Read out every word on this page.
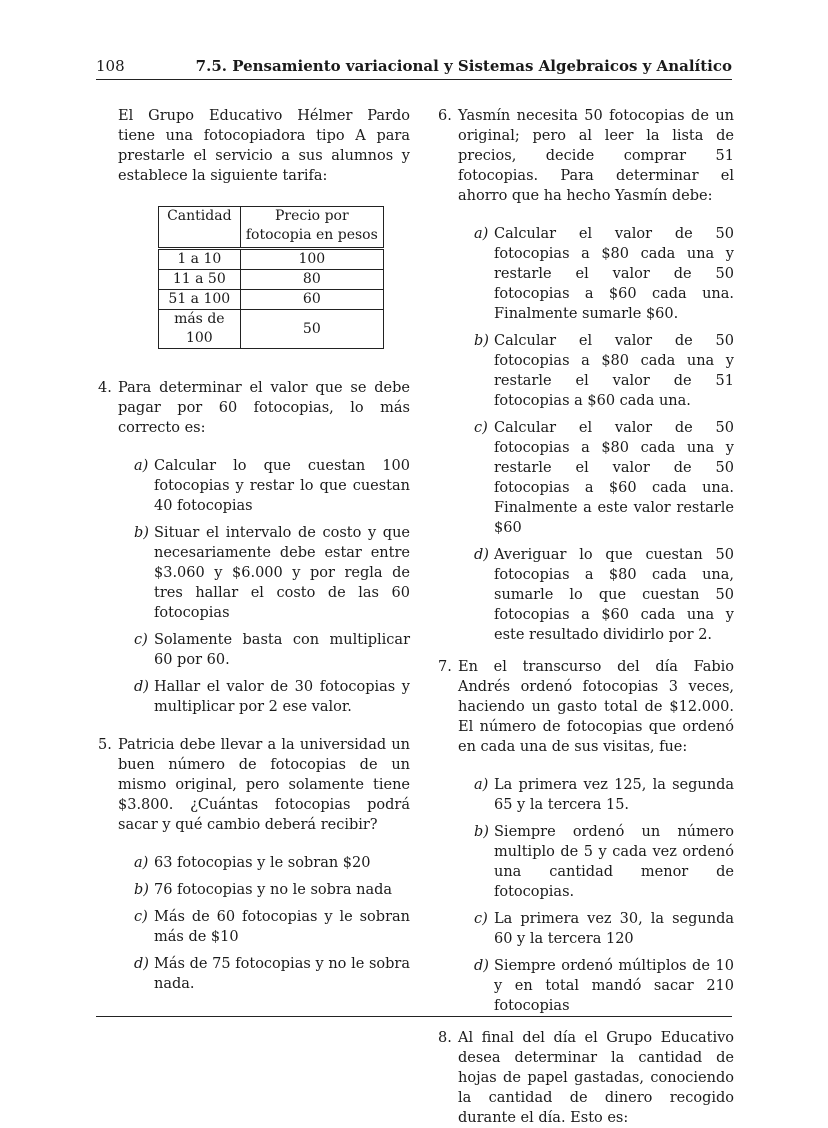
108	7.5. Pensamiento variacional y Sistemas Algebraicos y Analítico
El Grupo Educativo Hélmer Pardo tiene una fotocopiadora tipo A para prestarle el servicio a sus alumnos y establece la siguiente tarifa:
Cantidad	Precio por fotocopia en pesos
1 a 10	100
11 a 50	80
51 a 100	60
más de 100	50
4. Para determinar el valor que se debe pagar por 60 fotocopias, lo más correcto es:
a) Calcular lo que cuestan 100 fotocopias y restar lo que cuestan 40 fotocopias
b) Situar el intervalo de costo y que necesariamente debe estar entre $3.060 y $6.000 y por regla de tres hallar el costo de las 60 fotocopias
c) Solamente basta con multiplicar 60 por 60.
d) Hallar el valor de 30 fotocopias y multiplicar por 2 ese valor.
5. Patricia debe llevar a la universidad un buen número de fotocopias de un mismo original, pero solamente tiene $3.800. ¿Cuántas fotocopias podrá sacar y qué cambio deberá recibir?
a) 63 fotocopias y le sobran $20
b) 76 fotocopias y no le sobra nada
c) Más de 60 fotocopias y le sobran más de $10
d) Más de 75 fotocopias y no le sobra nada.
6. Yasmín necesita 50 fotocopias de un original; pero al leer la lista de precios, decide comprar 51 fotocopias. Para determinar el ahorro que ha hecho Yasmín debe:
a) Calcular el valor de 50 fotocopias a $80 cada una y restarle el valor de 50 fotocopias a $60 cada una. Finalmente sumarle $60.
b) Calcular el valor de 50 fotocopias a $80 cada una y restarle el valor de 51 fotocopias a $60 cada una.
c) Calcular el valor de 50 fotocopias a $80 cada una y restarle el valor de 50 fotocopias a $60 cada una. Finalmente a este valor restarle $60
d) Averiguar lo que cuestan 50 fotocopias a $80 cada una, sumarle lo que cuestan 50 fotocopias a $60 cada una y este resultado dividirlo por 2.
7. En el transcurso del día Fabio Andrés ordenó fotocopias 3 veces, haciendo un gasto total de $12.000. El número de fotocopias que ordenó en cada una de sus visitas, fue:
a) La primera vez 125, la segunda 65 y la tercera 15.
b) Siempre ordenó un número multiplo de 5 y cada vez ordenó una cantidad menor de fotocopias.
c) La primera vez 30, la segunda 60 y la tercera 120
d) Siempre ordenó múltiplos de 10 y en total mandó sacar 210 fotocopias
8. Al final del día el Grupo Educativo desea determinar la cantidad de hojas de papel gastadas, conociendo la cantidad de dinero recogido durante el día. Esto es:
